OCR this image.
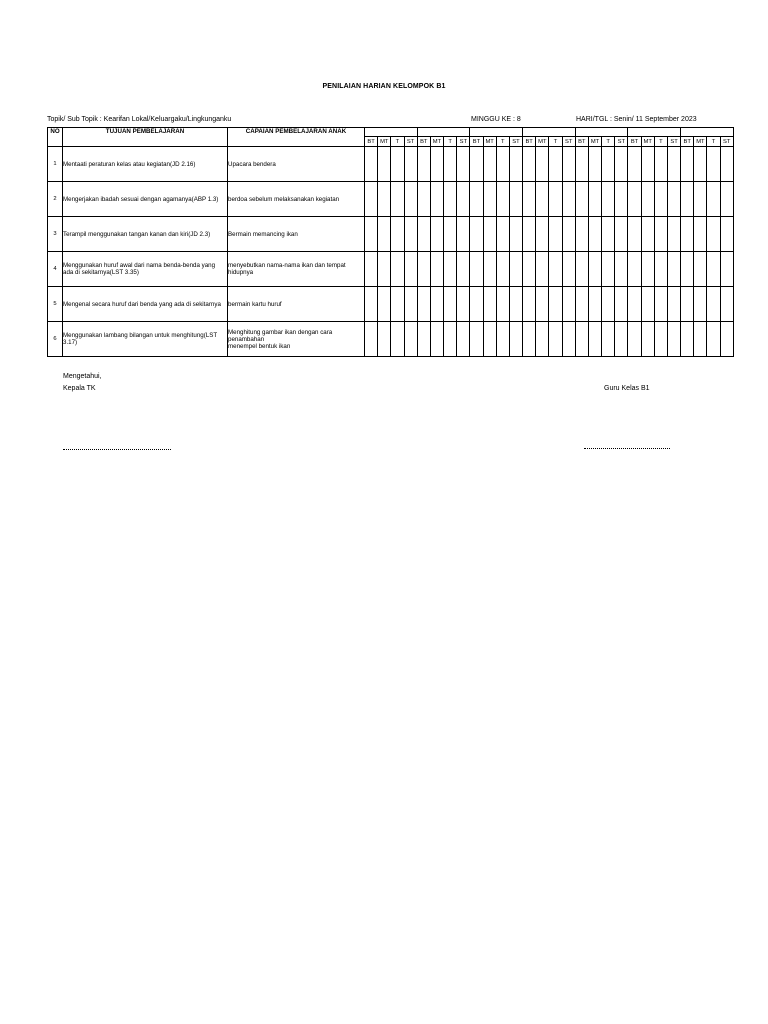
PENILAIAN HARIAN KELOMPOK B1
Topik/ Sub Topik : Kearifan Lokal/Keluargaku/Lingkunganku	MINGGU KE : 8	HARI/TGL : Senin/ 11 September 2023
NO	TUJUAN PEMBELAJARAN	CAPAIAN PEMBELAJARAN ANAK																												
			BT	MT	T	ST	BT	MT	T	ST	BT	MT	T	ST	BT	MT	T	ST	BT	MT	T	ST	BT	MT	T	ST	BT	MT	T	ST
1	Mentaati peraturan kelas atau kegiatan(JD 2.16)	Upacara bendera																												
2	Mengerjakan ibadah sesuai dengan agamanya(ABP 1.3)	berdoa sebelum melaksanakan kegiatan																												
3	Terampil menggunakan tangan kanan dan kiri(JD 2.3)	Bermain memancing ikan																												
4	Menggunakan huruf awal dari nama benda-benda yang ada di sekitarnya(LST 3.35)	menyebutkan nama-nama ikan dan tempat hidupnya																												
5	Mengenal secara huruf dari benda yang ada di sekitarnya	bermain kartu huruf																												
6	Menggunakan lambang bilangan untuk menghitung(LST 3.17)	Menghitung gambar ikan dengan cara penambahan
menempel bentuk ikan																												
Mengetahui,
Kepala TK	Guru Kelas B1
